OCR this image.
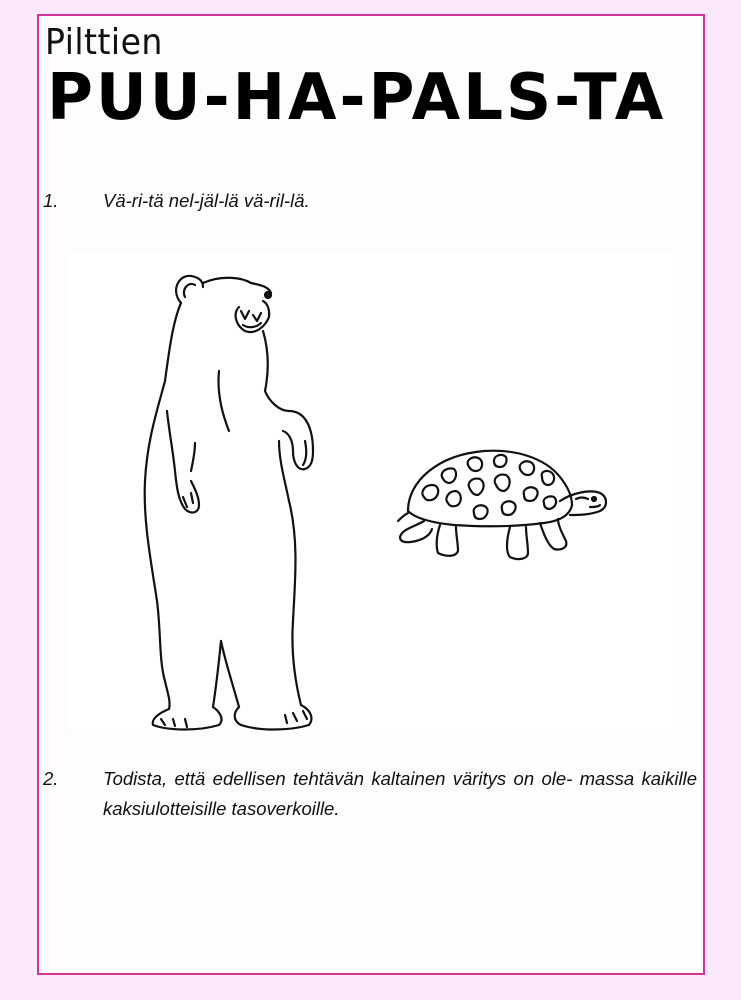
Pilttien
PUU-HA-PALS-TA
1. Vä-ri-tä nel-jäl-lä vä-ril-lä.
2. Todista, että edellisen tehtävän kaltainen väritys on ole- massa kaikille kaksiulotteisille tasoverkoille.
